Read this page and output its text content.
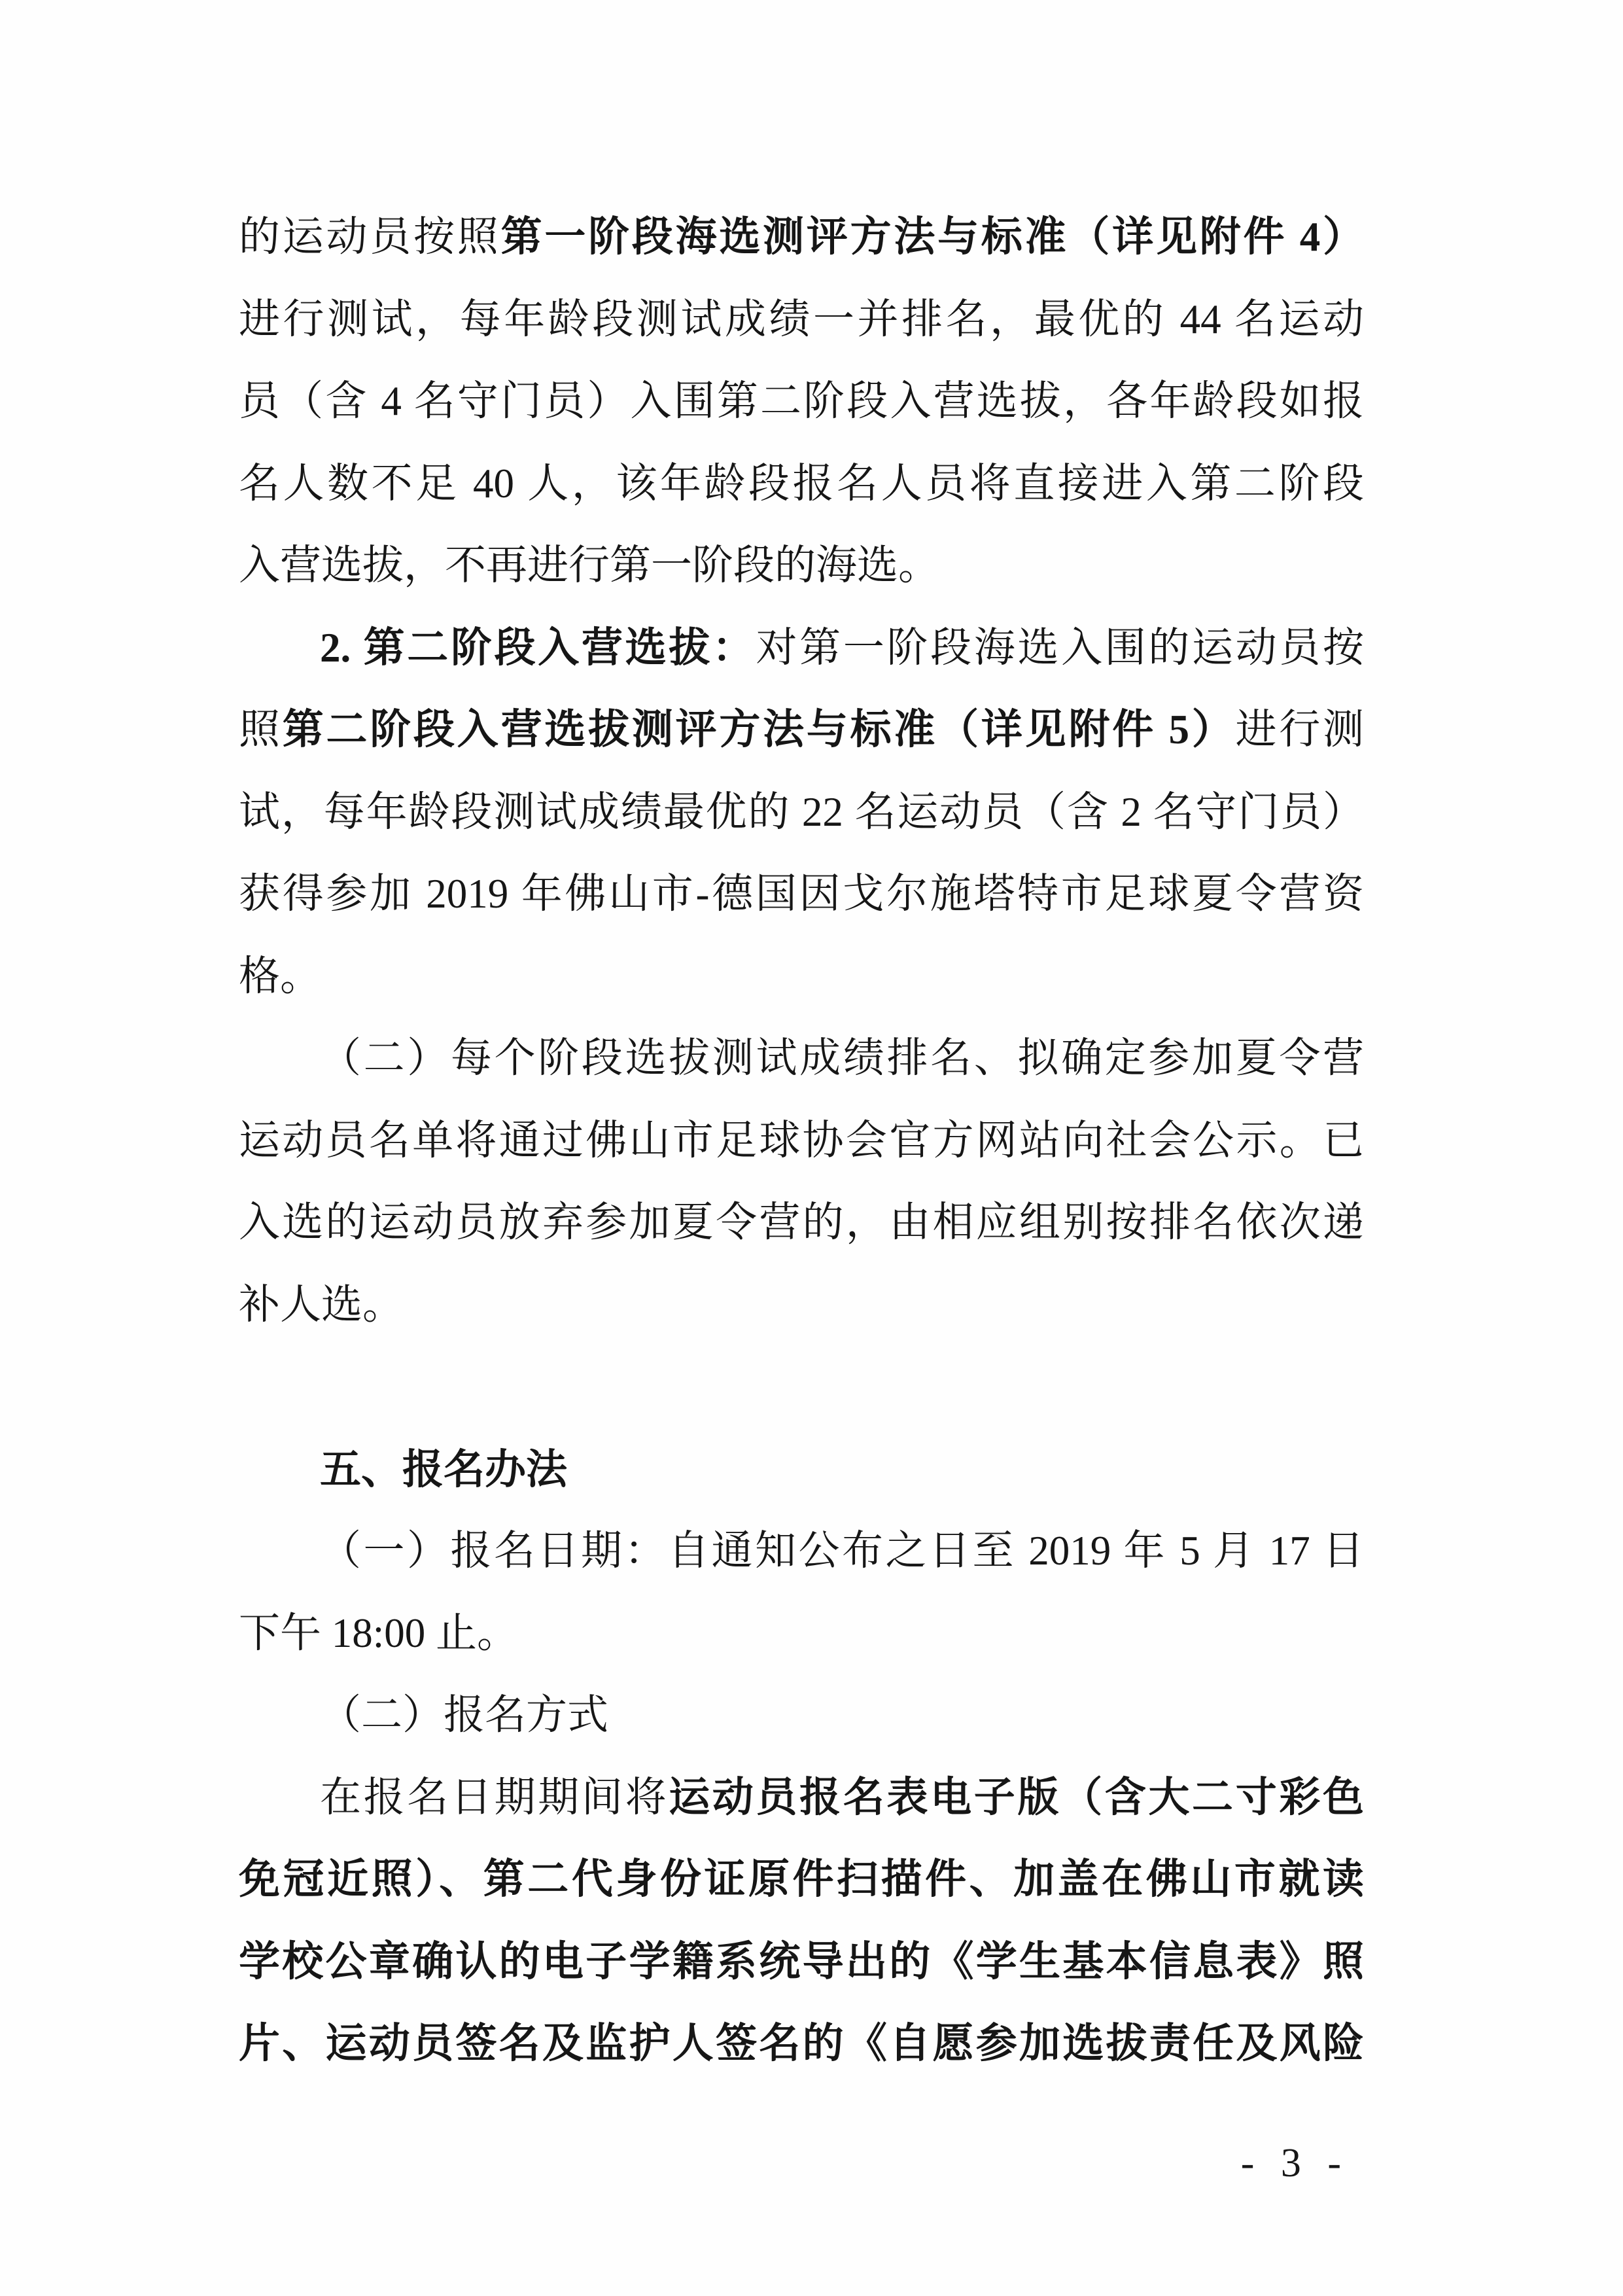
的运动员按照第一阶段海选测评方法与标准（详见附件 4）
进行测试，每年龄段测试成绩一并排名，最优的 44 名运动
员（含 4 名守门员）入围第二阶段入营选拔，各年龄段如报
名人数不足 40 人，该年龄段报名人员将直接进入第二阶段
入营选拔，不再进行第一阶段的海选。
2. 第二阶段入营选拔：对第一阶段海选入围的运动员按
照第二阶段入营选拔测评方法与标准（详见附件 5）进行测
试，每年龄段测试成绩最优的 22 名运动员（含 2 名守门员）
获得参加 2019 年佛山市-德国因戈尔施塔特市足球夏令营资
格。
（二）每个阶段选拔测试成绩排名、拟确定参加夏令营
运动员名单将通过佛山市足球协会官方网站向社会公示。已
入选的运动员放弃参加夏令营的，由相应组别按排名依次递
补人选。
五、报名办法
（一）报名日期：自通知公布之日至 2019 年 5 月 17 日
下午 18:00 止。
（二）报名方式
在报名日期期间将运动员报名表电子版（含大二寸彩色
免冠近照）、第二代身份证原件扫描件、加盖在佛山市就读
学校公章确认的电子学籍系统导出的《学生基本信息表》照
片、运动员签名及监护人签名的《自愿参加选拔责任及风险
- 3 -
